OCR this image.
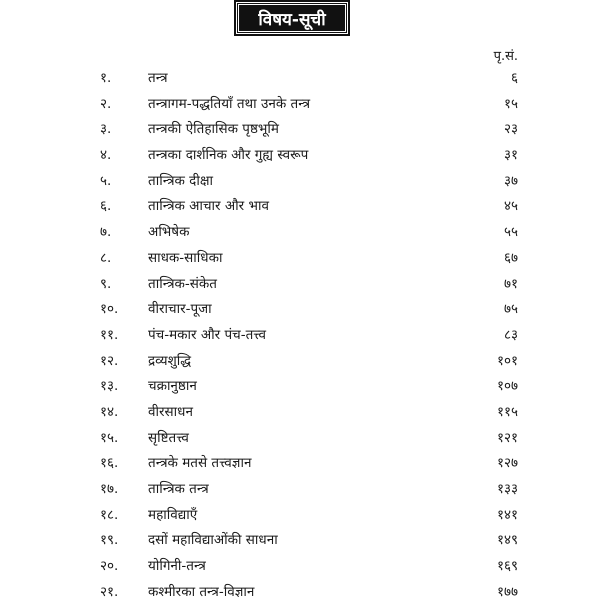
विषय-सूची
पृ.सं.
१.	तन्त्र	६
२.	तन्त्रागम-पद्धतियाँ तथा उनके तन्त्र	१५
३.	तन्त्रकी ऐतिहासिक पृष्ठभूमि	२३
४.	तन्त्रका दार्शनिक और गुह्य स्वरूप	३१
५.	तान्त्रिक दीक्षा	३७
६.	तान्त्रिक आचार और भाव	४५
७.	अभिषेक	५५
८.	साधक-साधिका	६७
९.	तान्त्रिक-संकेत	७१
१०. वीराचार-पूजा	७५
११. पंच-मकार और पंच-तत्त्व	८३
१२. द्रव्यशुद्धि	१०१
१३. चक्रानुष्ठान	१०७
१४. वीरसाधन	११५
१५. सृष्टितत्त्व	१२१
१६. तन्त्रके मतसे तत्त्वज्ञान	१२७
१७. तान्त्रिक तन्त्र	१३३
१८. महाविद्याएँ	१४१
१९. दसों महाविद्याओंकी साधना	१४९
२०. योगिनी-तन्त्र	१६९
२१. कश्मीरका तन्त्र-विज्ञान	१७७
